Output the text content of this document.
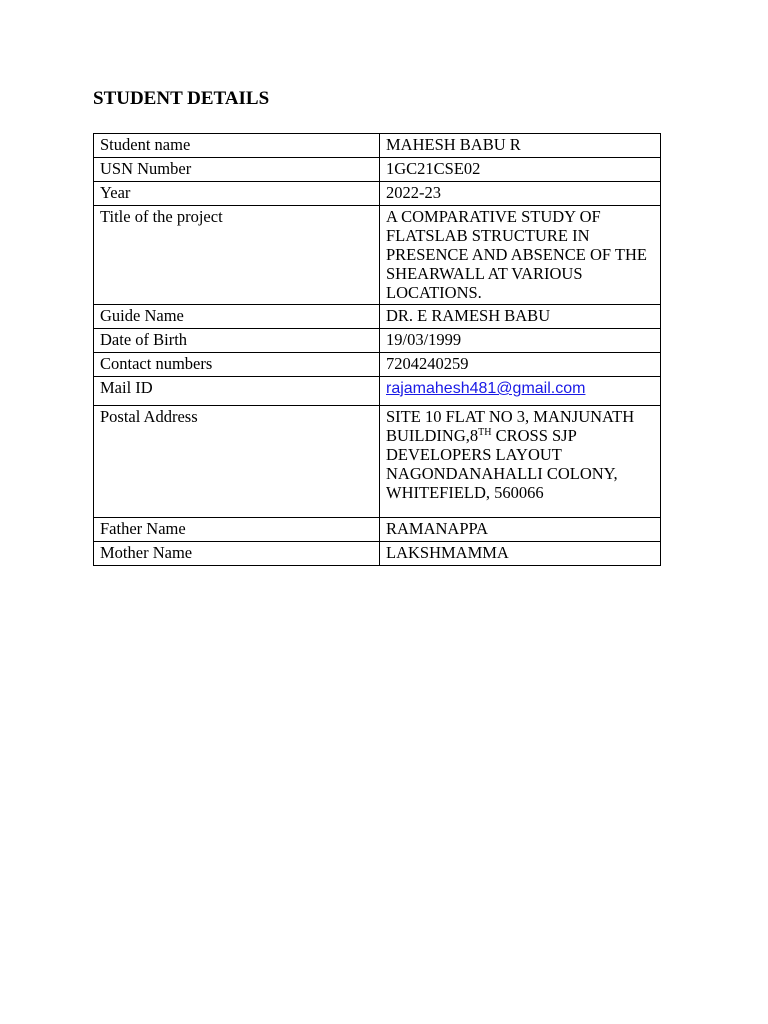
STUDENT DETAILS
Student name	MAHESH BABU R
USN Number	1GC21CSE02
Year	2022-23
Title of the project	A COMPARATIVE STUDY OF FLATSLAB STRUCTURE IN PRESENCE AND ABSENCE OF THE SHEARWALL AT VARIOUS LOCATIONS.
Guide Name	DR. E RAMESH BABU
Date of Birth	19/03/1999
Contact numbers	7204240259
Mail ID	rajamahesh481@gmail.com
Postal Address	SITE 10 FLAT NO 3, MANJUNATH BUILDING,8TH CROSS SJP DEVELOPERS LAYOUT NAGONDANAHALLI COLONY, WHITEFIELD, 560066
Father Name	RAMANAPPA
Mother Name	LAKSHMAMMA
